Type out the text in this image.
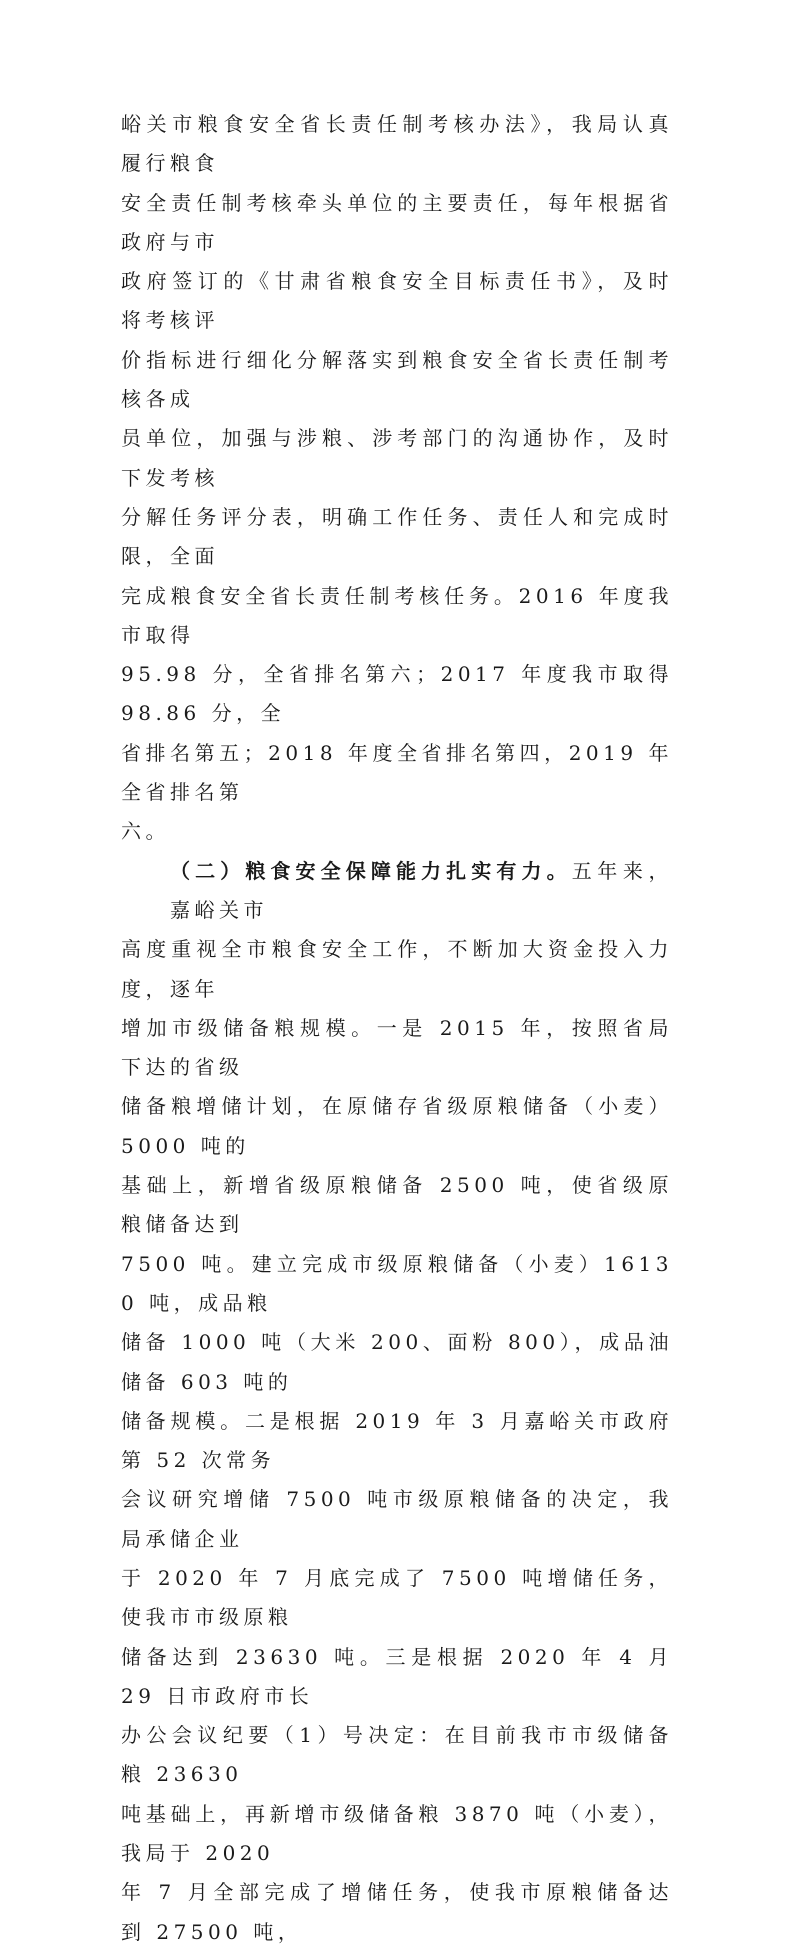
峪关市粮食安全省长责任制考核办法》，我局认真履行粮食
安全责任制考核牵头单位的主要责任，每年根据省政府与市
政府签订的《甘肃省粮食安全目标责任书》，及时将考核评
价指标进行细化分解落实到粮食安全省长责任制考核各成
员单位，加强与涉粮、涉考部门的沟通协作，及时下发考核
分解任务评分表，明确工作任务、责任人和完成时限，全面
完成粮食安全省长责任制考核任务。2016 年度我市取得
95.98 分，全省排名第六；2017 年度我市取得 98.86 分，全
省排名第五；2018 年度全省排名第四，2019 年全省排名第
六。
（二）粮食安全保障能力扎实有力。五年来，嘉峪关市
高度重视全市粮食安全工作，不断加大资金投入力度，逐年
增加市级储备粮规模。一是 2015 年，按照省局下达的省级
储备粮增储计划，在原储存省级原粮储备（小麦）5000 吨的
基础上，新增省级原粮储备 2500 吨，使省级原粮储备达到
7500 吨。建立完成市级原粮储备（小麦）16130 吨，成品粮
储备 1000 吨（大米 200、面粉 800），成品油储备 603 吨的
储备规模。二是根据 2019 年 3 月嘉峪关市政府第 52 次常务
会议研究增储 7500 吨市级原粮储备的决定，我局承储企业
于 2020 年 7 月底完成了 7500 吨增储任务，使我市市级原粮
储备达到 23630 吨。三是根据 2020 年 4 月 29 日市政府市长
办公会议纪要（1）号决定：在目前我市市级储备粮 23630
吨基础上，再新增市级储备粮 3870 吨（小麦），我局于 2020
年 7 月全部完成了增储任务，使我市原粮储备达到 27500 吨，
